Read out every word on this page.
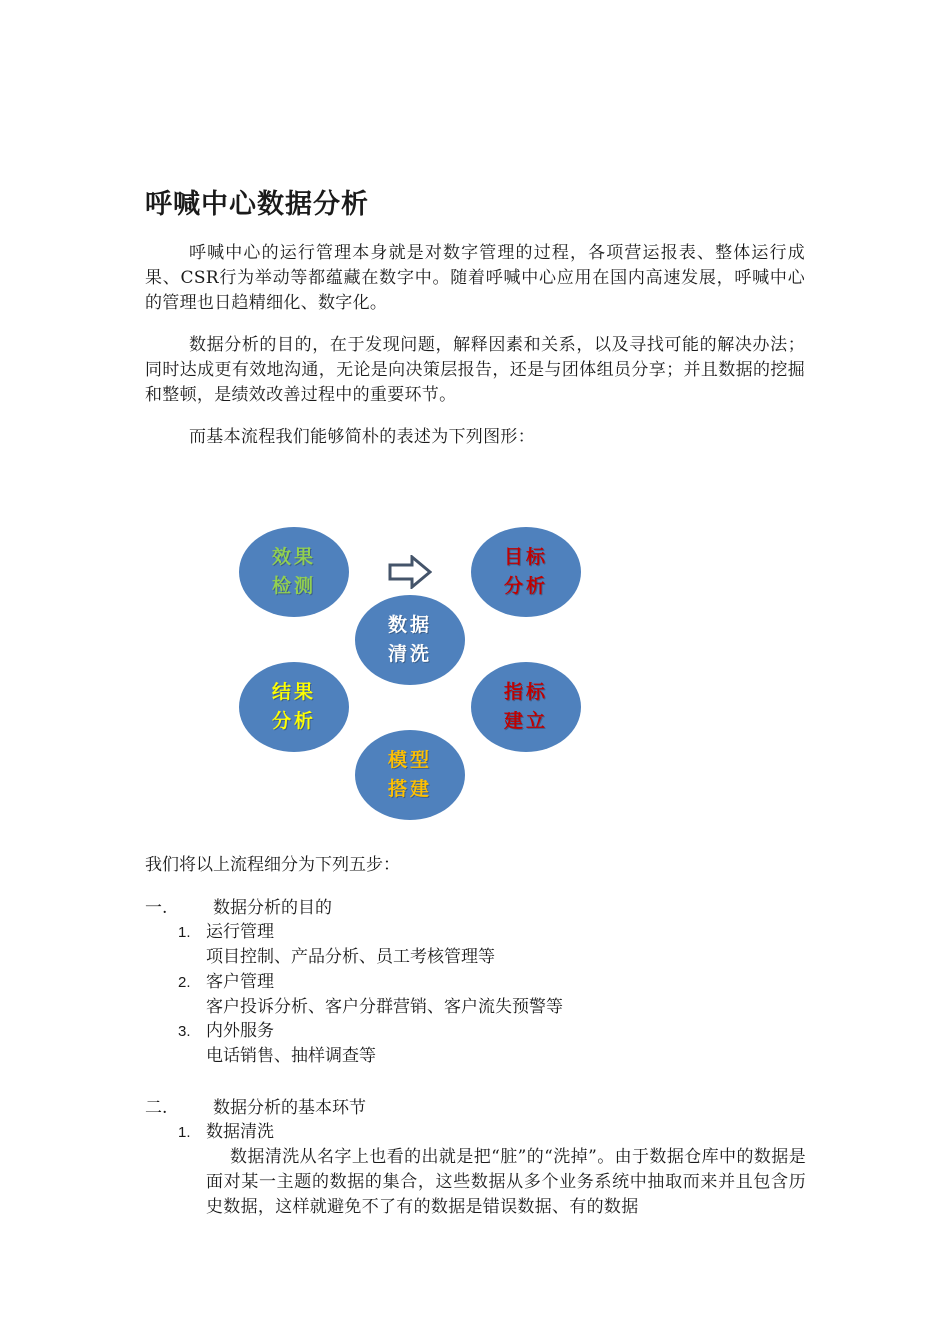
呼喊中心数据分析

呼喊中心的运行管理本身就是对数字管理的过程，各项营运报表、整体运行成果、CSR行为举动等都蕴藏在数字中。随着呼喊中心应用在国内高速发展，呼喊中心的管理也日趋精细化、数字化。

数据分析的目的，在于发现问题，解释因素和关系，以及寻找可能的解决办法；同时达成更有效地沟通，无论是向决策层报告，还是与团体组员分享；并且数据的挖掘和整顿，是绩效改善过程中的重要环节。

而基本流程我们能够简朴的表述为下列图形：

效果
检测
目标
分析
数据
清洗
结果
分析
指标
建立
模型
搭建

我们将以上流程细分为下列五步：

一.	数据分析的目的
1. 运行管理
项目控制、产品分析、员工考核管理等
2. 客户管理
客户投诉分析、客户分群营销、客户流失预警等
3. 内外服务
电话销售、抽样调查等
二.	数据分析的基本环节
1. 数据清洗

数据清洗从名字上也看的出就是把“脏”的“洗掉”。由于数据仓库中的数据是面对某一主题的数据的集合，这些数据从多个业务系统中抽取而来并且包含历史数据，这样就避免不了有的数据是错误数据、有的数据
